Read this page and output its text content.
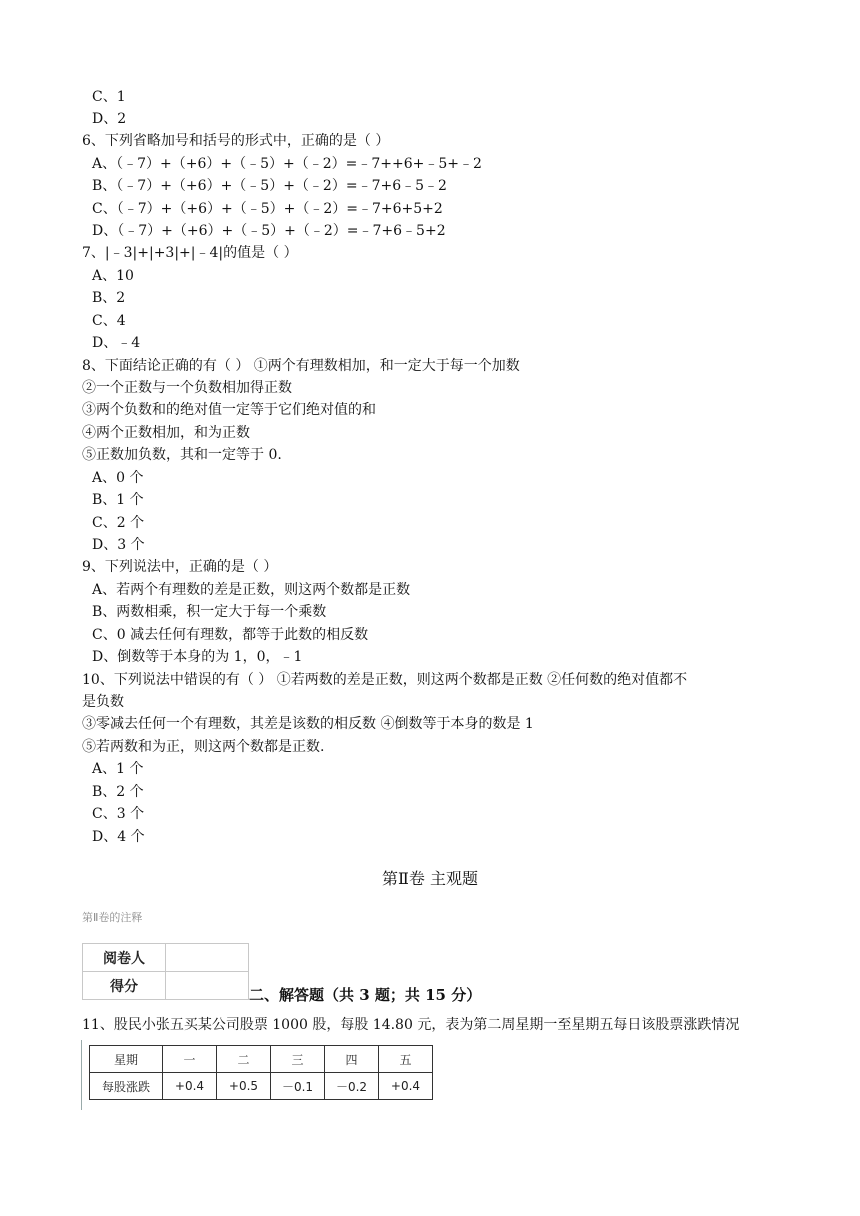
C、1
D、2
6、下列省略加号和括号的形式中，正确的是（ ）
A、（﹣7）+（+6）+（﹣5）+（﹣2）=﹣7++6+﹣5+﹣2
B、（﹣7）+（+6）+（﹣5）+（﹣2）=﹣7+6﹣5﹣2
C、（﹣7）+（+6）+（﹣5）+（﹣2）=﹣7+6+5+2
D、（﹣7）+（+6）+（﹣5）+（﹣2）=﹣7+6﹣5+2
7、|﹣3|+|+3|+|﹣4|的值是（ ）
A、10
B、2
C、4
D、﹣4
8、下面结论正确的有（ ） ①两个有理数相加，和一定大于每一个加数
②一个正数与一个负数相加得正数
③两个负数和的绝对值一定等于它们绝对值的和
④两个正数相加，和为正数
⑤正数加负数，其和一定等于 0.
A、0 个
B、1 个
C、2 个
D、3 个
9、下列说法中，正确的是（ ）
A、若两个有理数的差是正数，则这两个数都是正数
B、两数相乘，积一定大于每一个乘数
C、0 减去任何有理数，都等于此数的相反数
D、倒数等于本身的为 1，0，﹣1
10、下列说法中错误的有（ ） ①若两数的差是正数，则这两个数都是正数 ②任何数的绝对值都不
是负数
③零减去任何一个有理数，其差是该数的相反数 ④倒数等于本身的数是 1
⑤若两数和为正，则这两个数都是正数.
A、1 个
B、2 个
C、3 个
D、4 个
第Ⅱ卷 主观题
第Ⅱ卷的注释
阅卷人	
得分		二、解答题（共 3 题；共 15 分）
11、股民小张五买某公司股票 1000 股，每股 14.80 元，表为第二周星期一至星期五每日该股票涨跌情况
星期	一	二	三	四	五
每股涨跌	+0.4	+0.5	－0.1	－0.2	+0.4
